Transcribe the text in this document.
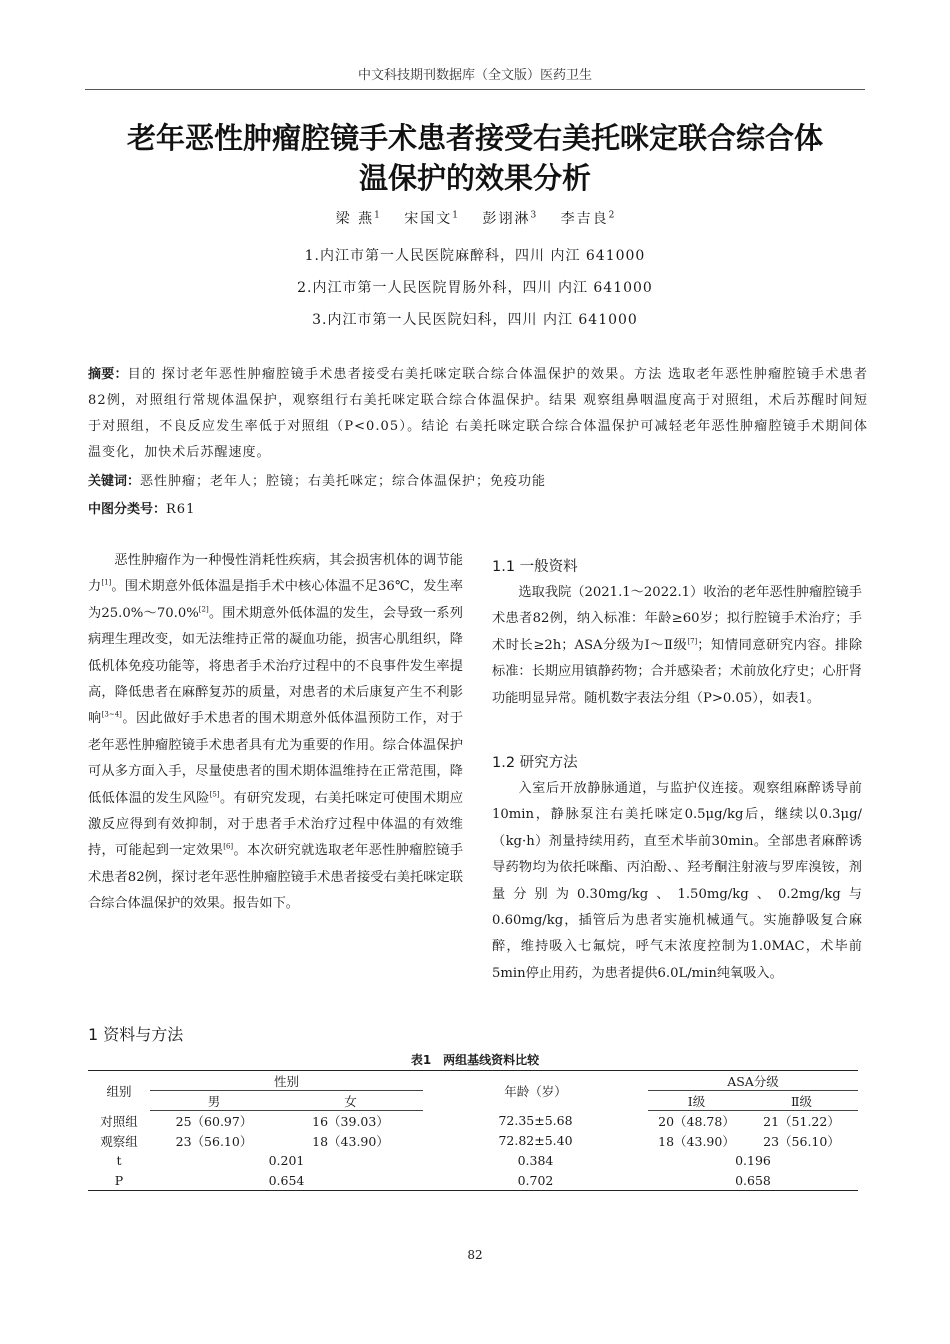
中文科技期刊数据库（全文版）医药卫生
老年恶性肿瘤腔镜手术患者接受右美托咪定联合综合体
温保护的效果分析
梁 燕$^1$ 宋国文$^1$ 彭诩淋$^3$ 李吉良$^2$
1.内江市第一人民医院麻醉科，四川 内江 641000
2.内江市第一人民医院胃肠外科，四川 内江 641000
3.内江市第一人民医院妇科，四川 内江 641000
摘要：目的 探讨老年恶性肿瘤腔镜手术患者接受右美托咪定联合综合体温保护的效果。方法 选取老年恶性肿瘤腔镜手术患者82例，对照组行常规体温保护，观察组行右美托咪定联合综合体温保护。结果 观察组鼻咽温度高于对照组，术后苏醒时间短于对照组，不良反应发生率低于对照组（P<0.05）。结论 右美托咪定联合综合体温保护可减轻老年恶性肿瘤腔镜手术期间体温变化，加快术后苏醒速度。
关键词：恶性肿瘤；老年人；腔镜；右美托咪定；综合体温保护；免疫功能
中图分类号：R61

恶性肿瘤作为一种慢性消耗性疾病，其会损害机体的调节能力[1]。围术期意外低体温是指手术中核心体温不足36℃，发生率为25.0%～70.0%[2]。围术期意外低体温的发生，会导致一系列病理生理改变，如无法维持正常的凝血功能，损害心肌组织，降低机体免疫功能等，将患者手术治疗过程中的不良事件发生率提高，降低患者在麻醉复苏的质量，对患者的术后康复产生不利影响[3~4]。因此做好手术患者的围术期意外低体温预防工作，对于老年恶性肿瘤腔镜手术患者具有尤为重要的作用。综合体温保护可从多方面入手，尽量使患者的围术期体温维持在正常范围，降低低体温的发生风险[5]。有研究发现，右美托咪定可使围术期应激反应得到有效抑制，对于患者手术治疗过程中体温的有效维持，可能起到一定效果[6]。本次研究就选取老年恶性肿瘤腔镜手术患者82例，探讨老年恶性肿瘤腔镜手术患者接受右美托咪定联合综合体温保护的效果。报告如下。

1 资料与方法
1.1 一般资料

选取我院（2021.1～2022.1）收治的老年恶性肿瘤腔镜手术患者82例，纳入标准：年龄≥60岁；拟行腔镜手术治疗；手术时长≥2h；ASA分级为Ⅰ～Ⅱ级[7]；知情同意研究内容。排除标准：长期应用镇静药物；合并感染者；术前放化疗史；心肝肾功能明显异常。随机数字表法分组（P>0.05），如表1。

1.2 研究方法

入室后开放静脉通道，与监护仪连接。观察组麻醉诱导前10min，静脉泵注右美托咪定0.5μg/kg后，继续以0.3μg/（kg·h）剂量持续用药，直至术毕前30min。全部患者麻醉诱导药物均为依托咪酯、丙泊酚、、羟考酮注射液与罗库溴铵，剂量分别为0.30mg/kg、1.50mg/kg、0.2mg/kg与0.60mg/kg，插管后为患者实施机械通气。实施静吸复合麻醉，维持吸入七氟烷，呼气末浓度控制为1.0MAC，术毕前5min停止用药，为患者提供6.0L/min纯氧吸入。

表1 两组基线资料比较
组别	性别		年龄（岁）	ASA分级	
	男	女		Ⅰ级	Ⅱ级
对照组	25（60.97）	16（39.03）	72.35±5.68	20（48.78）	21（51.22）
观察组	23（56.10）	18（43.90）	72.82±5.40	18（43.90）	23（56.10）
t	0.201		0.384	0.196	
P	0.654		0.702	0.658	
82
